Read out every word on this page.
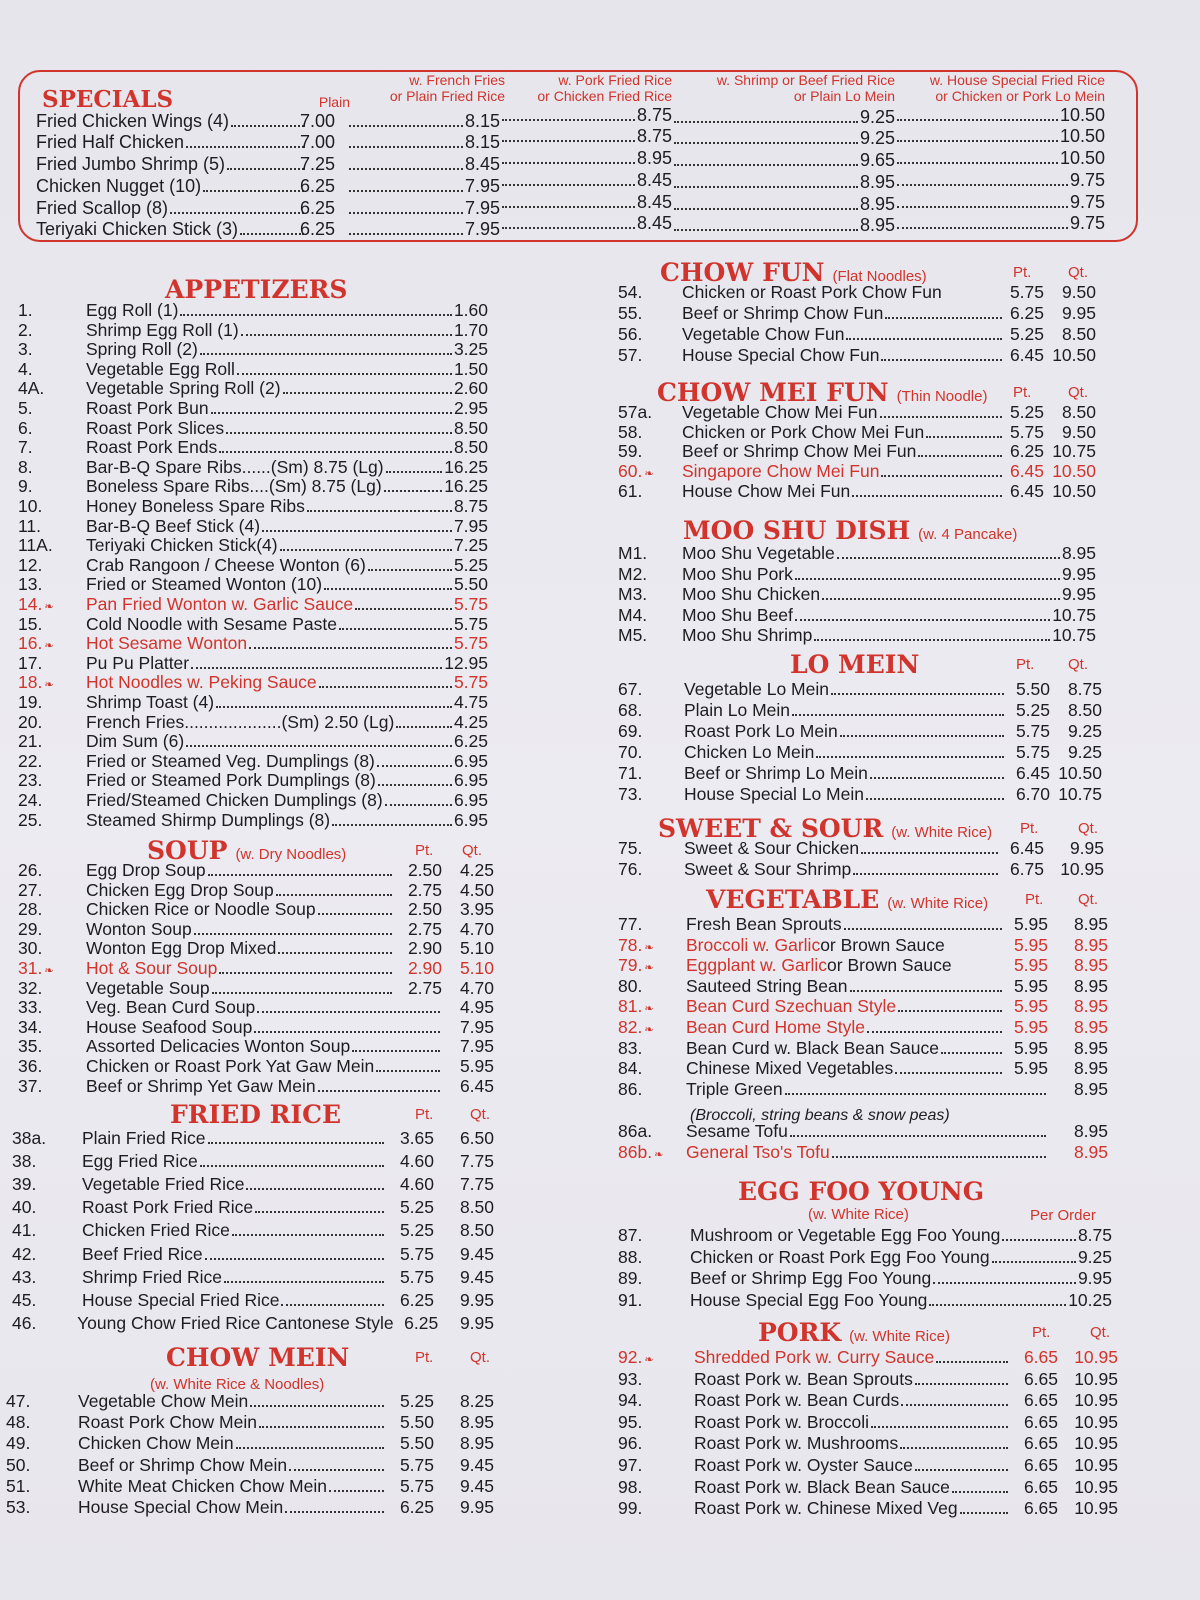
SPECIALS	Plain
w. French Fries
or Plain Fried Rice
w. Pork Fried Rice
or Chicken Fried Rice
w. Shrimp or Beef Fried Rice
or Plain Lo Mein
w. House Special Fried Rice
or Chicken or Pork Lo Mein
Fried Chicken Wings (4)	7.00	8.15	8.75	9.25	10.50
Fried Half Chicken	7.00	8.15	8.75	9.25	10.50
Fried Jumbo Shrimp (5)	7.25	8.45	8.95	9.65	10.50
Chicken Nugget (10)	6.25	7.95	8.45	8.95	9.75
Fried Scallop (8)	6.25	7.95	8.45	8.95	9.75
Teriyaki Chicken Stick (3)	6.25	7.95	8.45	8.95	9.75
APPETIZERS
1.	Egg Roll (1)	1.60
2.	Shrimp Egg Roll (1)	1.70
3.	Spring Roll (2)	3.25
4.	Vegetable Egg Roll	1.50
4A.	Vegetable Spring Roll (2)	2.60
5.	Roast Pork Bun	2.95
6.	Roast Pork Slices	8.50
7.	Roast Pork Ends	8.50
8.	Bar-B-Q Spare Ribs......(Sm) 8.75 (Lg)	16.25
9.	Boneless Spare Ribs....(Sm) 8.75 (Lg)	16.25
10.	Honey Boneless Spare Ribs	8.75
11.	Bar-B-Q Beef Stick (4)	7.95
11A.	Teriyaki Chicken Stick(4)	7.25
12.	Crab Rangoon / Cheese Wonton (6)	5.25
13.	Fried or Steamed Wonton (10)	5.50
14. ❧	Pan Fried Wonton w. Garlic Sauce	5.75
15.	Cold Noodle with Sesame Paste	5.75
16. ❧	Hot Sesame Wonton	5.75
17.	Pu Pu Platter	12.95
18. ❧	Hot Noodles w. Peking Sauce	5.75
19.	Shrimp Toast (4)	4.75
20.	French Fries....................(Sm) 2.50 (Lg)	4.25
21.	Dim Sum (6)	6.25
22.	Fried or Steamed Veg. Dumplings (8)	6.95
23.	Fried or Steamed Pork Dumplings (8)	6.95
24.	Fried/Steamed Chicken Dumplings (8)	6.95
25.	Steamed Shirmp Dumplings (8)	6.95
SOUP (w. Dry Noodles)	Pt. Qt.
26.	Egg Drop Soup	2.50	4.25
27.	Chicken Egg Drop Soup	2.75	4.50
28.	Chicken Rice or Noodle Soup	2.50	3.95
29.	Wonton Soup	2.75	4.70
30.	Wonton Egg Drop Mixed	2.90	5.10
31. ❧	Hot & Sour Soup	2.90	5.10
32.	Vegetable Soup	2.75	4.70
33.	Veg. Bean Curd Soup	4.95
34.	House Seafood Soup	7.95
35.	Assorted Delicacies Wonton Soup	7.95
36.	Chicken or Roast Pork Yat Gaw Mein	5.95
37.	Beef or Shrimp Yet Gaw Mein	6.45
FRIED RICE	Pt. Qt.
38a.	Plain Fried Rice	3.65	6.50
38.	Egg Fried Rice	4.60	7.75
39.	Vegetable Fried Rice	4.60	7.75
40.	Roast Pork Fried Rice	5.25	8.50
41.	Chicken Fried Rice	5.25	8.50
42.	Beef Fried Rice	5.75	9.45
43.	Shrimp Fried Rice	5.75	9.45
45.	House Special Fried Rice	6.25	9.95
46.	Young Chow Fried Rice Cantonese Style 6.25	9.95
CHOW MEIN	Pt. Qt.
47.	Vegetable Chow Mein	5.25	8.25
48.	Roast Pork Chow Mein	5.50	8.95
49.	Chicken Chow Mein	5.50	8.95
50.	Beef or Shrimp Chow Mein	5.75	9.45
51.	White Meat Chicken Chow Mein	5.75	9.45
53.	House Special Chow Mein	6.25	9.95
(w. White Rice & Noodles)
CHOW FUN (Flat Noodles)	Pt. Qt.
54.	Chicken or Roast Pork Chow Fun	5.75	9.50
55.	Beef or Shrimp Chow Fun	6.25	9.95
56.	Vegetable Chow Fun	5.25	8.50
57.	House Special Chow Fun	6.45 10.50
CHOW MEI FUN (Thin Noodle) Pt. Qt.
57a.	Vegetable Chow Mei Fun	5.25	8.50
58.	Chicken or Pork Chow Mei Fun	5.75	9.50
59.	Beef or Shrimp Chow Mei Fun	6.25 10.75
60. ❧	Singapore Chow Mei Fun	6.45 10.50
61.	House Chow Mei Fun	6.45 10.50
MOO SHU DISH (w. 4 Pancake)
M1.	Moo Shu Vegetable	8.95
M2.	Moo Shu Pork	9.95
M3.	Moo Shu Chicken	9.95
M4.	Moo Shu Beef	10.75
M5.	Moo Shu Shrimp	10.75
LO MEIN	Pt. Qt.
67.	Vegetable Lo Mein	5.50	8.75
68.	Plain Lo Mein	5.25	8.50
69.	Roast Pork Lo Mein	5.75	9.25
70.	Chicken Lo Mein	5.75	9.25
71.	Beef or Shrimp Lo Mein	6.45 10.50
73.	House Special Lo Mein	6.70 10.75
SWEET & SOUR (w. White Rice) Pt.	Qt.
75.	Sweet & Sour Chicken	6.45	9.95
76.	Sweet & Sour Shrimp	6.75 10.95
VEGETABLE (w. White Rice) Pt. Qt.
77.	Fresh Bean Sprouts	5.95	8.95
78. ❧	Broccoli w. Garlic or Brown Sauce	5.95	8.95
79. ❧	Eggplant w. Garlic or Brown Sauce	5.95	8.95
80.	Sauteed String Bean	5.95	8.95
81. ❧	Bean Curd Szechuan Style	5.95	8.95
82. ❧	Bean Curd Home Style	5.95	8.95
83.	Bean Curd w. Black Bean Sauce	5.95	8.95
84.	Chinese Mixed Vegetables	5.95	8.95
86.	Triple Green	8.95
86a.	Sesame Tofu	8.95
86b. ❧	General Tso's Tofu	8.95
(Broccoli, string beans & snow peas)
EGG FOO YOUNG
Per Order
87.	Mushroom or Vegetable Egg Foo Young	8.75
88.	Chicken or Roast Pork Egg Foo Young	9.25
89.	Beef or Shrimp Egg Foo Young	9.95
91.	House Special Egg Foo Young	10.25
(w. White Rice)
PORK (w. White Rice)	Pt.	Qt.
92. ❧	Shredded Pork w. Curry Sauce	6.65 10.95
93.	Roast Pork w. Bean Sprouts	6.65 10.95
94.	Roast Pork w. Bean Curds	6.65 10.95
95.	Roast Pork w. Broccoli	6.65 10.95
96.	Roast Pork w. Mushrooms	6.65 10.95
97.	Roast Pork w. Oyster Sauce	6.65 10.95
98.	Roast Pork w. Black Bean Sauce	6.65 10.95
99.	Roast Pork w. Chinese Mixed Veg	6.65 10.95
